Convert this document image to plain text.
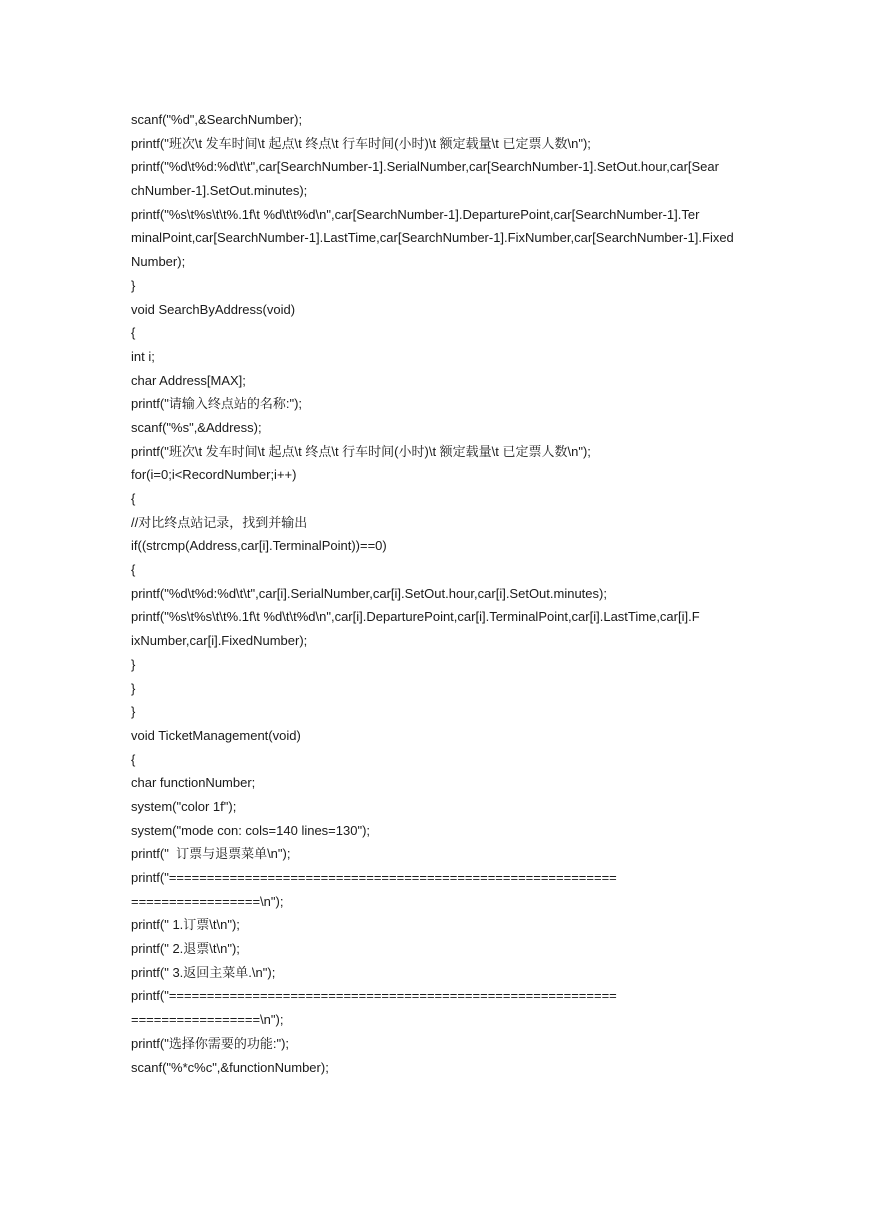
scanf("%d",&SearchNumber);
printf("班次\t 发车时间\t 起点\t 终点\t 行车时间(小时)\t 额定载量\t 已定票人数\n");
printf("%d\t%d:%d\t\t",car[SearchNumber-1].SerialNumber,car[SearchNumber-1].SetOut.hour,car[Sear
chNumber-1].SetOut.minutes);
printf("%s\t%s\t\t%.1f\t %d\t\t%d\n",car[SearchNumber-1].DeparturePoint,car[SearchNumber-1].Ter
minalPoint,car[SearchNumber-1].LastTime,car[SearchNumber-1].FixNumber,car[SearchNumber-1].Fixed
Number);
}
void SearchByAddress(void)
{
int i;
char Address[MAX];
printf("请输入终点站的名称:");
scanf("%s",&Address);
printf("班次\t 发车时间\t 起点\t 终点\t 行车时间(小时)\t 额定载量\t 已定票人数\n");
for(i=0;i<RecordNumber;i++)
{
//对比终点站记录，找到并输出
if((strcmp(Address,car[i].TerminalPoint))==0)
{
printf("%d\t%d:%d\t\t",car[i].SerialNumber,car[i].SetOut.hour,car[i].SetOut.minutes);
printf("%s\t%s\t\t%.1f\t %d\t\t%d\n",car[i].DeparturePoint,car[i].TerminalPoint,car[i].LastTime,car[i].F
ixNumber,car[i].FixedNumber);
}
}
}
void TicketManagement(void)
{
char functionNumber;
system("color 1f");
system("mode con: cols=140 lines=130");
printf("  订票与退票菜单\n");
printf("===========================================================
=================\n");
printf(" 1.订票\t\n");
printf(" 2.退票\t\n");
printf(" 3.返回主菜单.\n");
printf("===========================================================
=================\n");
printf("选择你需要的功能:");
scanf("%*c%c",&functionNumber);
